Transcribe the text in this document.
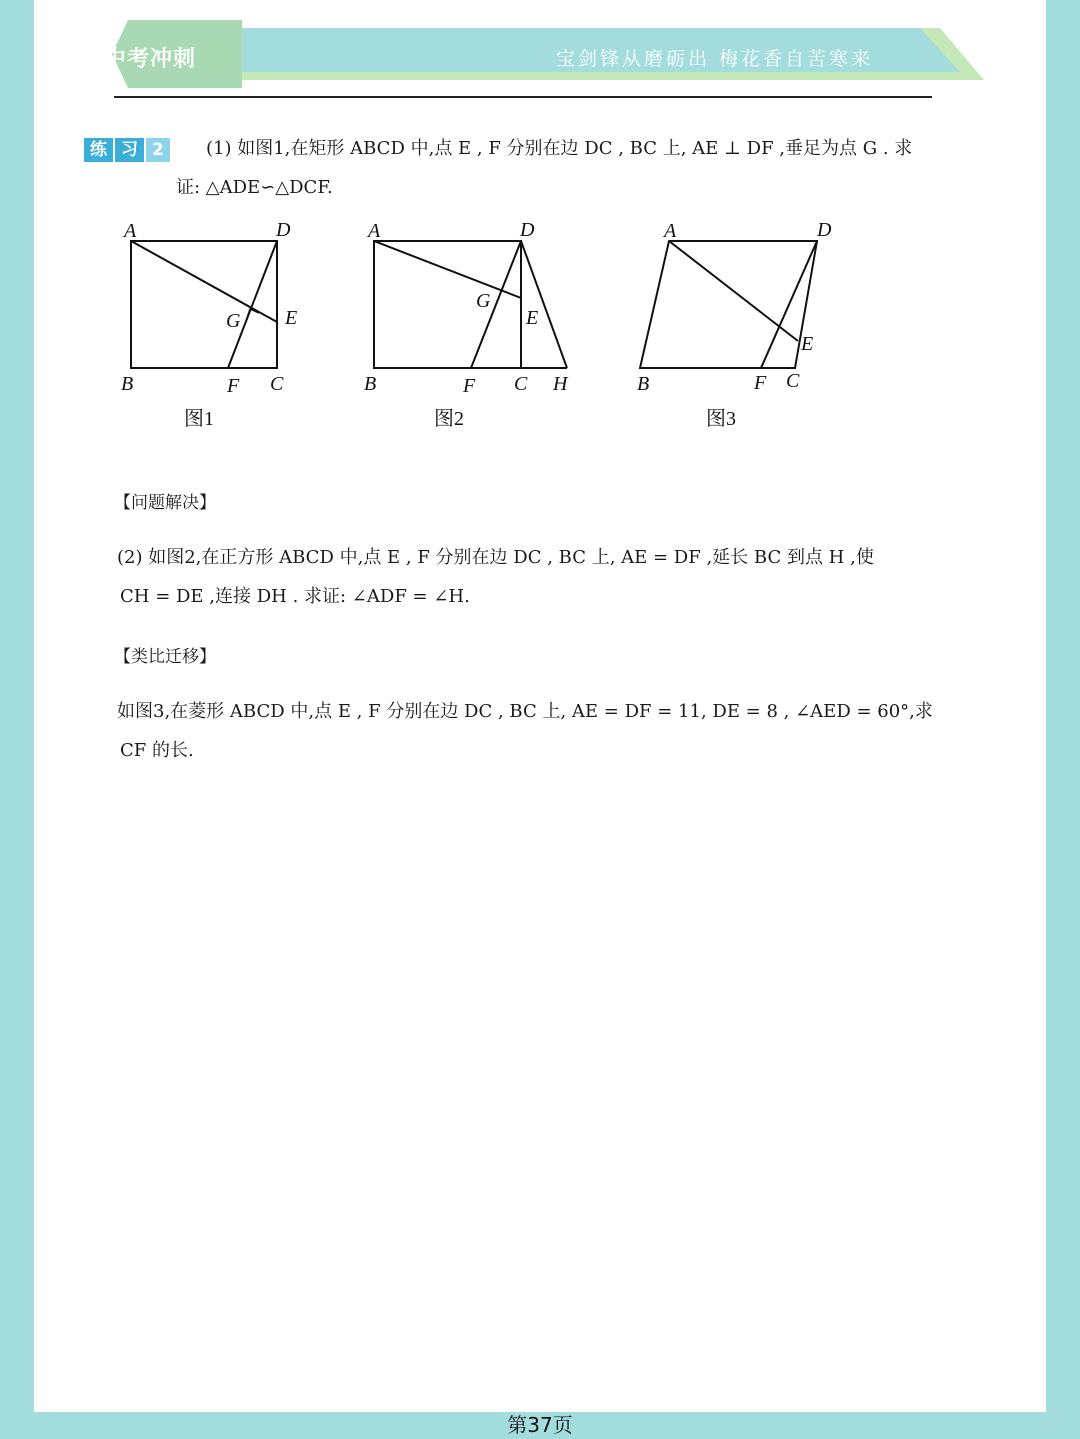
中考冲刺	宝剑锋从磨砺出 梅花香自苦寒来
练 习 2	(1) 如图1,在矩形 ABCD 中,点 E , F 分别在边 DC , BC 上, AE ⊥ DF ,垂足为点 G . 求
证: △ADE∽△DCF.
A	D
G E
B	F C
图1
A	D
G
E
B	F C H
图2
A	D
E
B	F C
图3
【问题解决】
(2) 如图2,在正方形 ABCD 中,点 E , F 分别在边 DC , BC 上, AE = DF ,延长 BC 到点 H ,使
CH = DE ,连接 DH . 求证: ∠ADF = ∠H.
【类比迁移】
如图3,在菱形 ABCD 中,点 E , F 分别在边 DC , BC 上, AE = DF = 11, DE = 8 , ∠AED = 60°,求
CF 的长.
第37页
